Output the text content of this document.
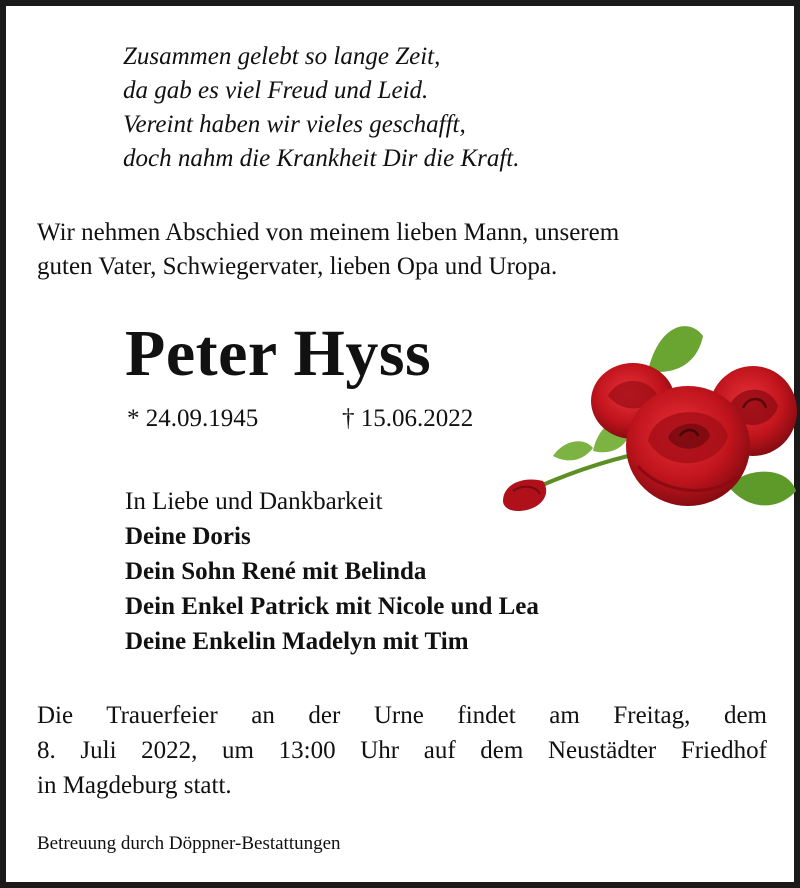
Zusammen gelebt so lange Zeit,
da gab es viel Freud und Leid.
Vereint haben wir vieles geschafft,
doch nahm die Krankheit Dir die Kraft.
Wir nehmen Abschied von meinem lieben Mann, unserem
guten Vater, Schwiegervater, lieben Opa und Uropa.
Peter Hyss
* 24.09.1945	† 15.06.2022
In Liebe und Dankbarkeit
Deine Doris
Dein Sohn René mit Belinda
Dein Enkel Patrick mit Nicole und Lea
Deine Enkelin Madelyn mit Tim
Die Trauerfeier an der Urne findet am Freitag, dem
8. Juli 2022, um 13:00 Uhr auf dem Neustädter Friedhof
in Magdeburg statt.
Betreuung durch Döppner-Bestattungen
